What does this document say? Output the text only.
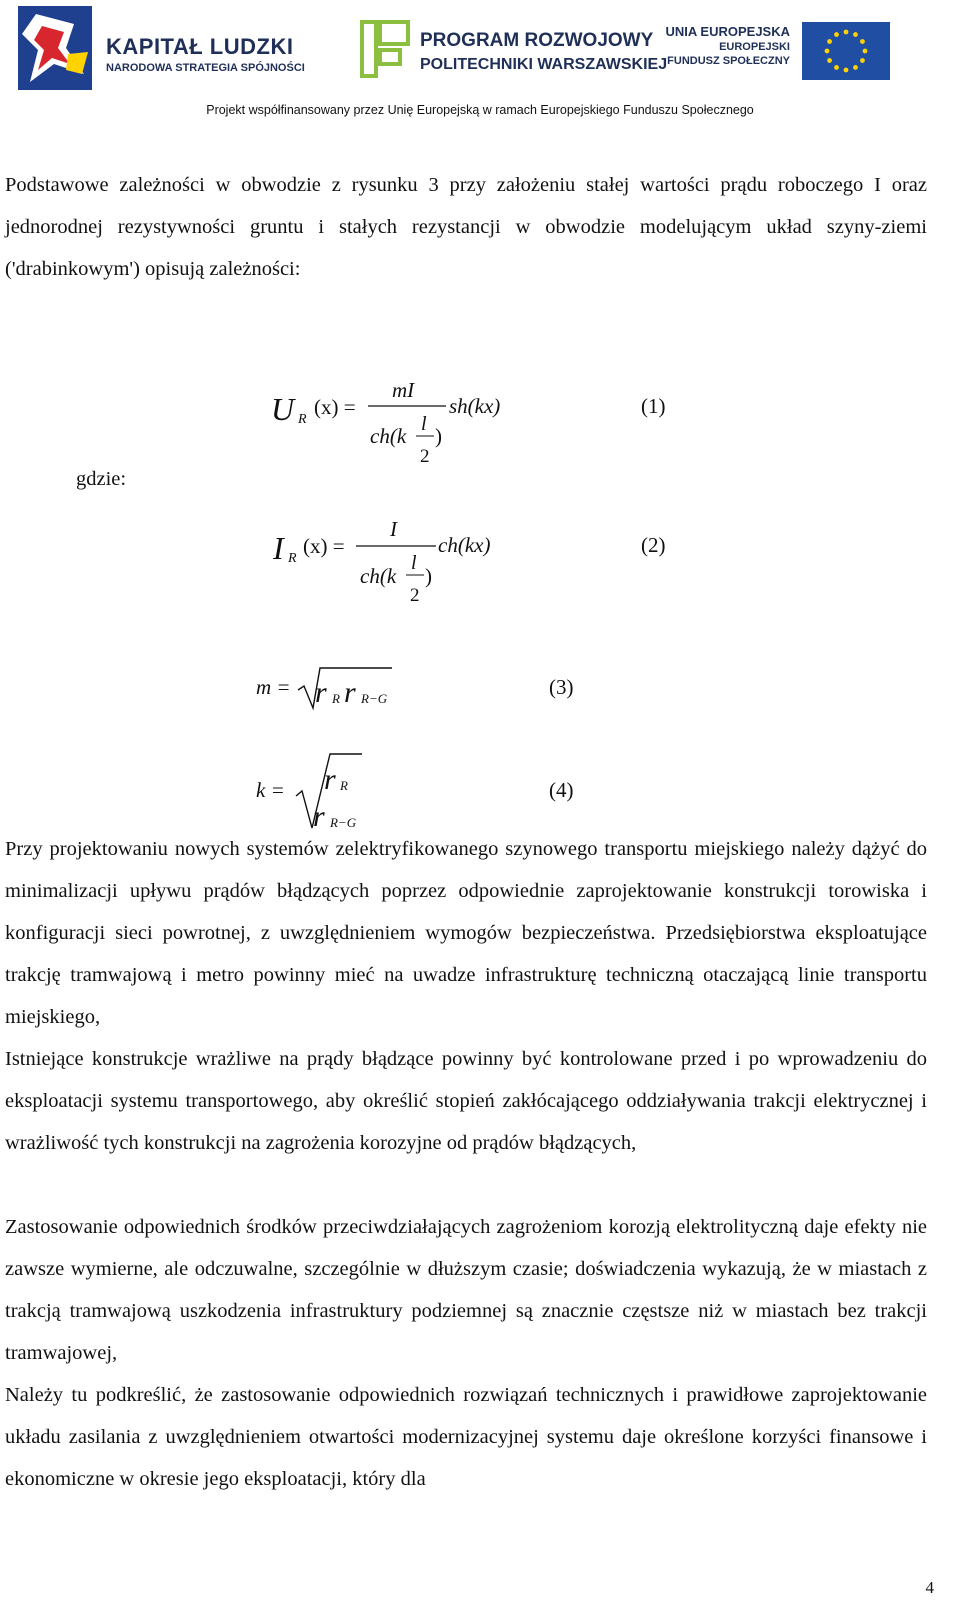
KAPITAŁ LUDZKI
NARODOWA STRATEGIA SPÓJNOŚCI
PROGRAM ROZWOJOWY
POLITECHNIKI WARSZAWSKIEJ
UNIA EUROPEJSKA
EUROPEJSKI
FUNDUSZ SPOŁECZNY
Projekt współfinansowany przez Unię Europejską w ramach Europejskiego Funduszu Społecznego

Podstawowe zależności w obwodzie z rysunku 3 przy założeniu stałej wartości prądu roboczego I oraz jednorodnej rezystywności gruntu i stałych rezystancji w obwodzie modelującym układ szyny-ziemi ('drabinkowym') opisują zależności:

gdzie:
U R
(x) =
mI
ch(k l
2
)
sh(kx)	(1)
I R
(x) =
I
ch(k
l
2
)
ch(kx)	(2)
m = r R r R−G	(3)
k = r R
r R−G
(4)

Przy projektowaniu nowych systemów zelektryfikowanego szynowego transportu miejskiego należy dążyć do minimalizacji upływu prądów błądzących poprzez odpowiednie zaprojektowanie konstrukcji torowiska i konfiguracji sieci powrotnej, z uwzględnieniem wymogów bezpieczeństwa. Przedsiębiorstwa eksploatujące trakcję tramwajową i metro powinny mieć na uwadze infrastrukturę techniczną otaczającą linie transportu miejskiego,

Istniejące konstrukcje wrażliwe na prądy błądzące powinny być kontrolowane przed i po wprowadzeniu do eksploatacji systemu transportowego, aby określić stopień zakłócającego oddziaływania trakcji elektrycznej i wrażliwość tych konstrukcji na zagrożenia korozyjne od prądów błądzących,

Zastosowanie odpowiednich środków przeciwdziałających zagrożeniom korozją elektrolityczną daje efekty nie zawsze wymierne, ale odczuwalne, szczególnie w dłuższym czasie; doświadczenia wykazują, że w miastach z trakcją tramwajową uszkodzenia infrastruktury podziemnej są znacznie częstsze niż w miastach bez trakcji tramwajowej,

Należy tu podkreślić, że zastosowanie odpowiednich rozwiązań technicznych i prawidłowe zaprojektowanie układu zasilania z uwzględnieniem otwartości modernizacyjnej systemu daje określone korzyści finansowe i ekonomiczne w okresie jego eksploatacji, który dla

4
